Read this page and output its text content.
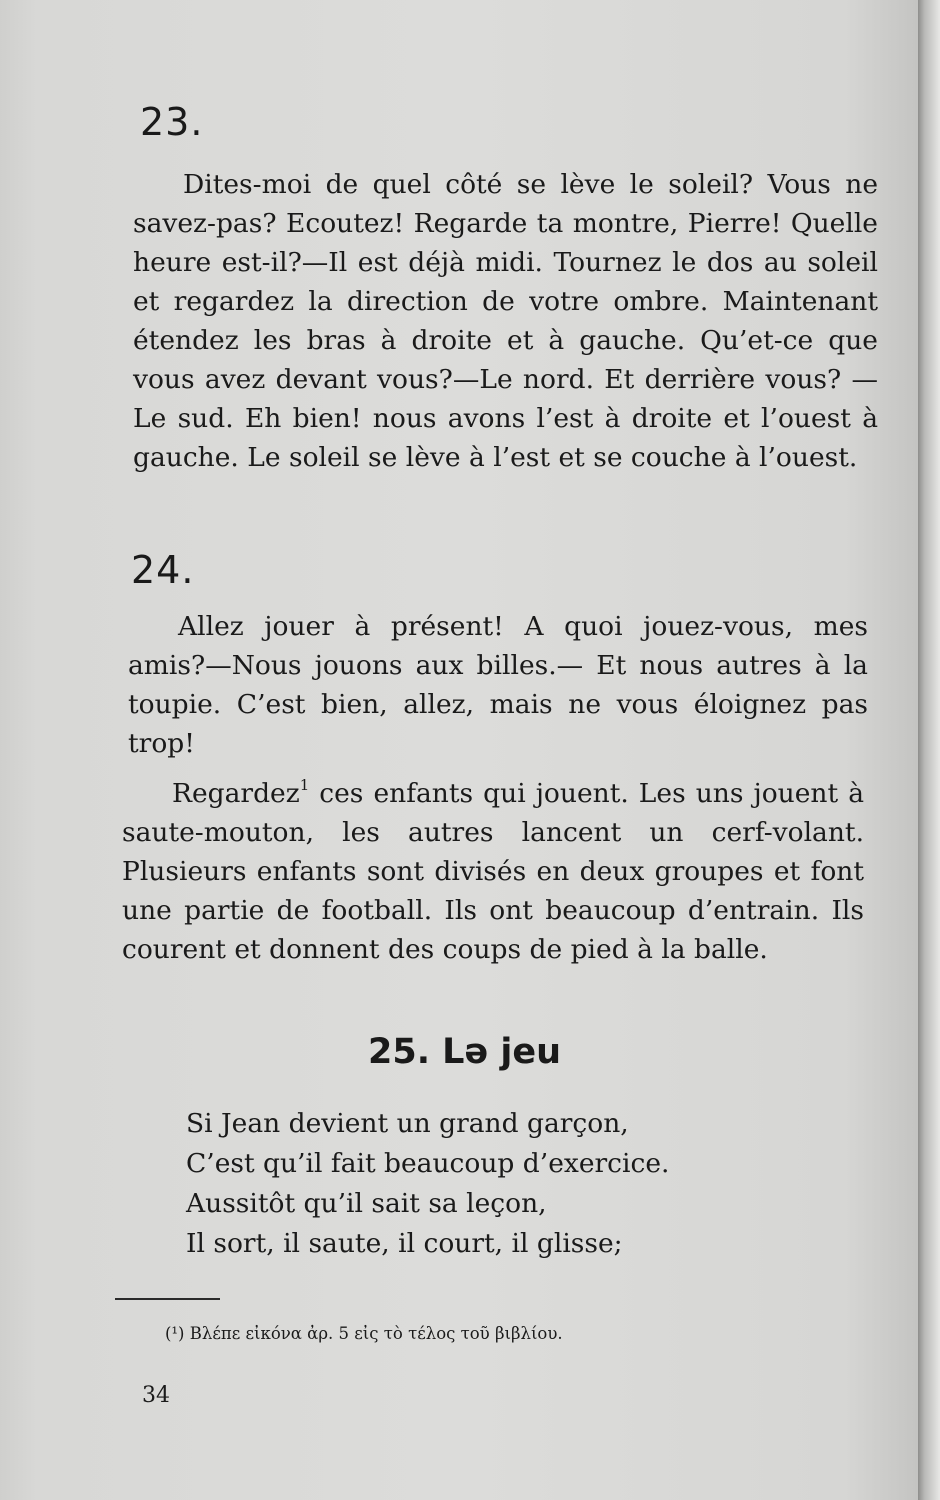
23.

Dites-moi de quel côté se lève le soleil? Vous ne savez-pas? Ecoutez! Regarde ta montre, Pierre! Quelle heure est-il?—Il est déjà midi. Tournez le dos au soleil et regardez la direction de votre ombre. Maintenant étendez les bras à droite et à gauche. Qu’et-ce que vous avez devant vous?—Le nord. Et derrière vous? — Le sud. Eh bien! nous avons l’est à droite et l’ouest à gauche. Le soleil se lève à l’est et se couche à l’ouest.

24.

Allez jouer à présent! A quoi jouez-vous, mes amis?—Nous jouons aux billes.— Et nous autres à la toupie. C’est bien, allez, mais ne vous éloignez pas trop!

Regardez$^1$ ces enfants qui jouent. Les uns jouent à saute-mouton, les autres lancent un cerf-volant. Plusieurs enfants sont divisés en deux groupes et font une partie de football. Ils ont beaucoup d’entrain. Ils courent et donnent des coups de pied à la balle.

25. Lə jeu

Si Jean devient un grand garçon,

C’est qu’il fait beaucoup d’exercice.

Aussitôt qu’il sait sa leçon,

Il sort, il saute, il court, il glisse;

(¹) Βλέπε εἰκόνα ἀρ. 5 εἰς τὸ τέλος τοῦ βιβλίου.

34
